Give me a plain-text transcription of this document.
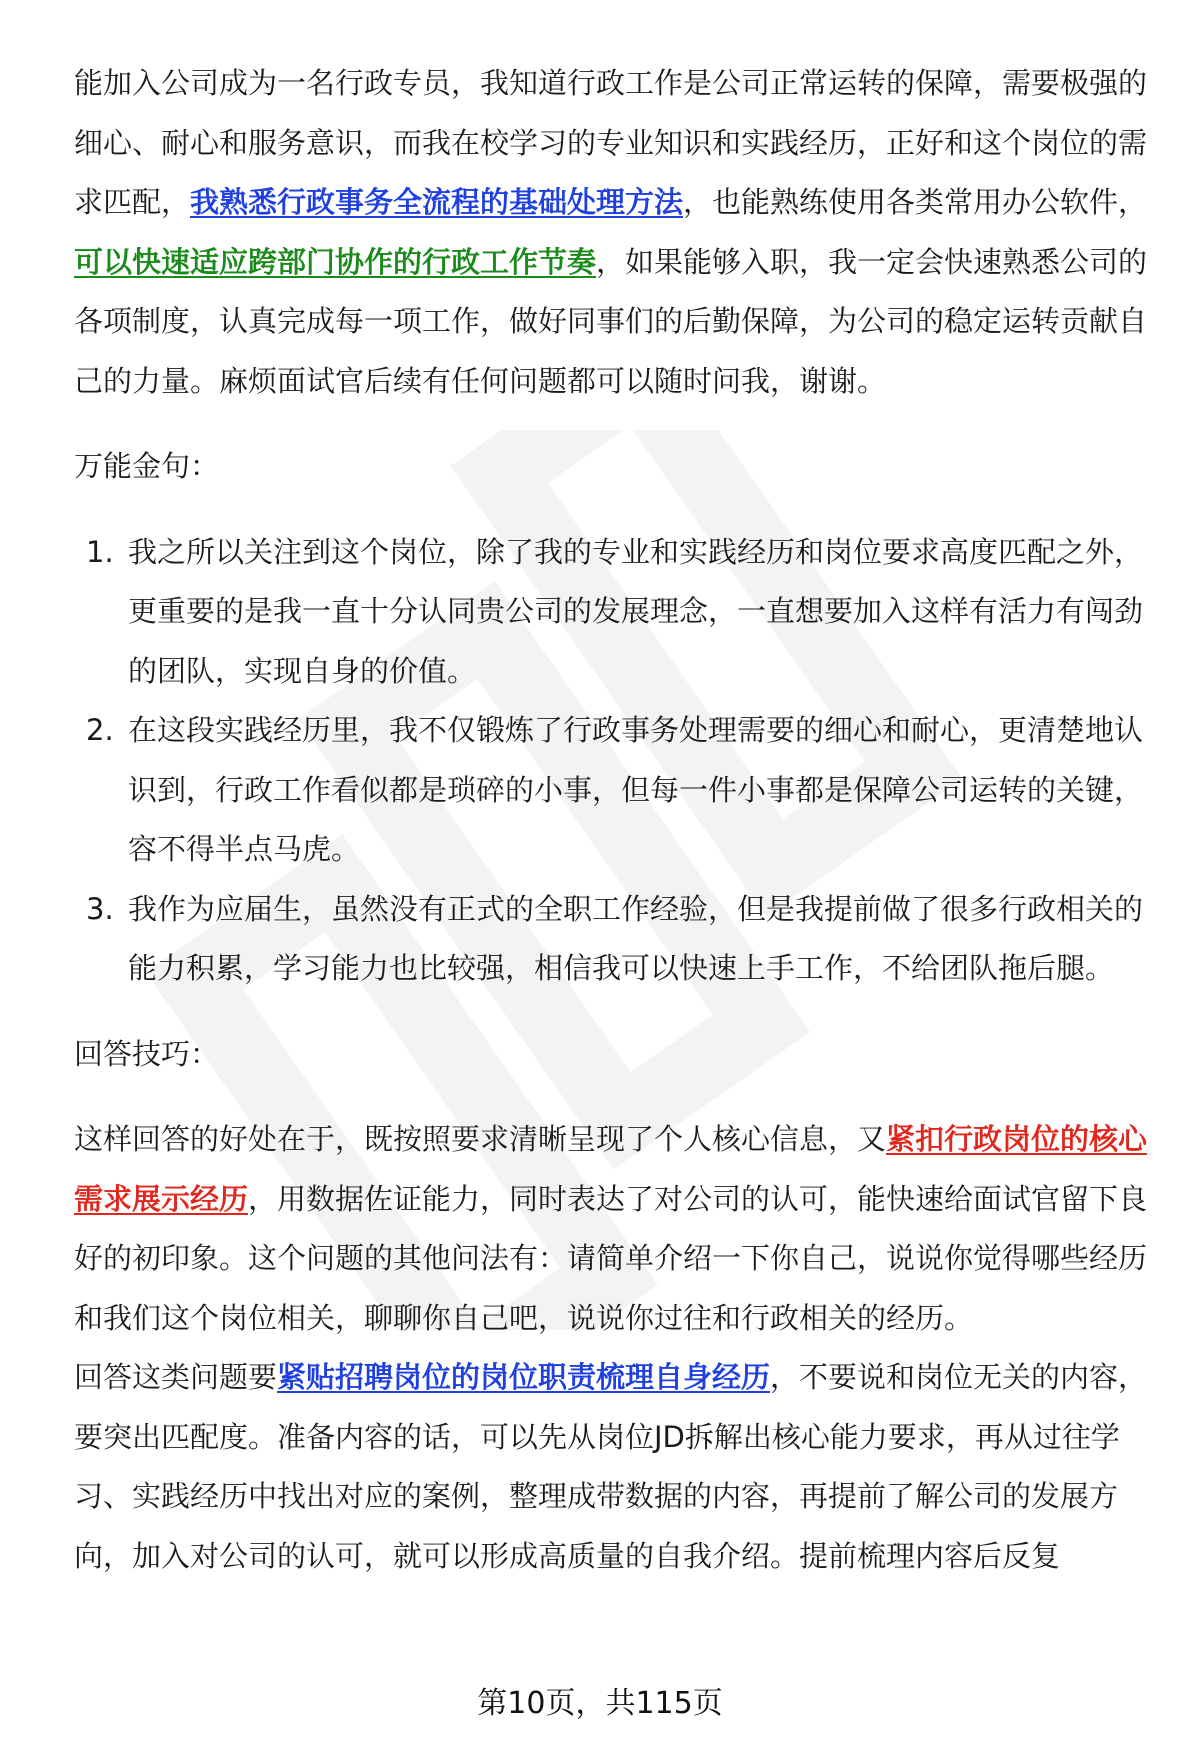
能加入公司成为一名行政专员，我知道行政工作是公司正常运转的保障，需要极强的细心、耐心和服务意识，而我在校学习的专业知识和实践经历，正好和这个岗位的需求匹配，我熟悉行政事务全流程的基础处理方法，也能熟练使用各类常用办公软件，可以快速适应跨部门协作的行政工作节奏，如果能够入职，我一定会快速熟悉公司的各项制度，认真完成每一项工作，做好同事们的后勤保障，为公司的稳定运转贡献自己的力量。麻烦面试官后续有任何问题都可以随时问我，谢谢。

万能金句：

1. 我之所以关注到这个岗位，除了我的专业和实践经历和岗位要求高度匹配之外，更重要的是我一直十分认同贵公司的发展理念，一直想要加入这样有活力有闯劲的团队，实现自身的价值。
2. 在这段实践经历里，我不仅锻炼了行政事务处理需要的细心和耐心，更清楚地认识到，行政工作看似都是琐碎的小事，但每一件小事都是保障公司运转的关键，容不得半点马虎。
3. 我作为应届生，虽然没有正式的全职工作经验，但是我提前做了很多行政相关的能力积累，学习能力也比较强，相信我可以快速上手工作，不给团队拖后腿。

回答技巧：

这样回答的好处在于，既按照要求清晰呈现了个人核心信息，又紧扣行政岗位的核心需求展示经历，用数据佐证能力，同时表达了对公司的认可，能快速给面试官留下良好的初印象。这个问题的其他问法有：请简单介绍一下你自己，说说你觉得哪些经历和我们这个岗位相关，聊聊你自己吧，说说你过往和行政相关的经历。

回答这类问题要紧贴招聘岗位的岗位职责梳理自身经历，不要说和岗位无关的内容，要突出匹配度。准备内容的话，可以先从岗位JD拆解出核心能力要求，再从过往学习、实践经历中找出对应的案例，整理成带数据的内容，再提前了解公司的发展方向，加入对公司的认可，就可以形成高质量的自我介绍。提前梳理内容后反复

第10页，共115页
